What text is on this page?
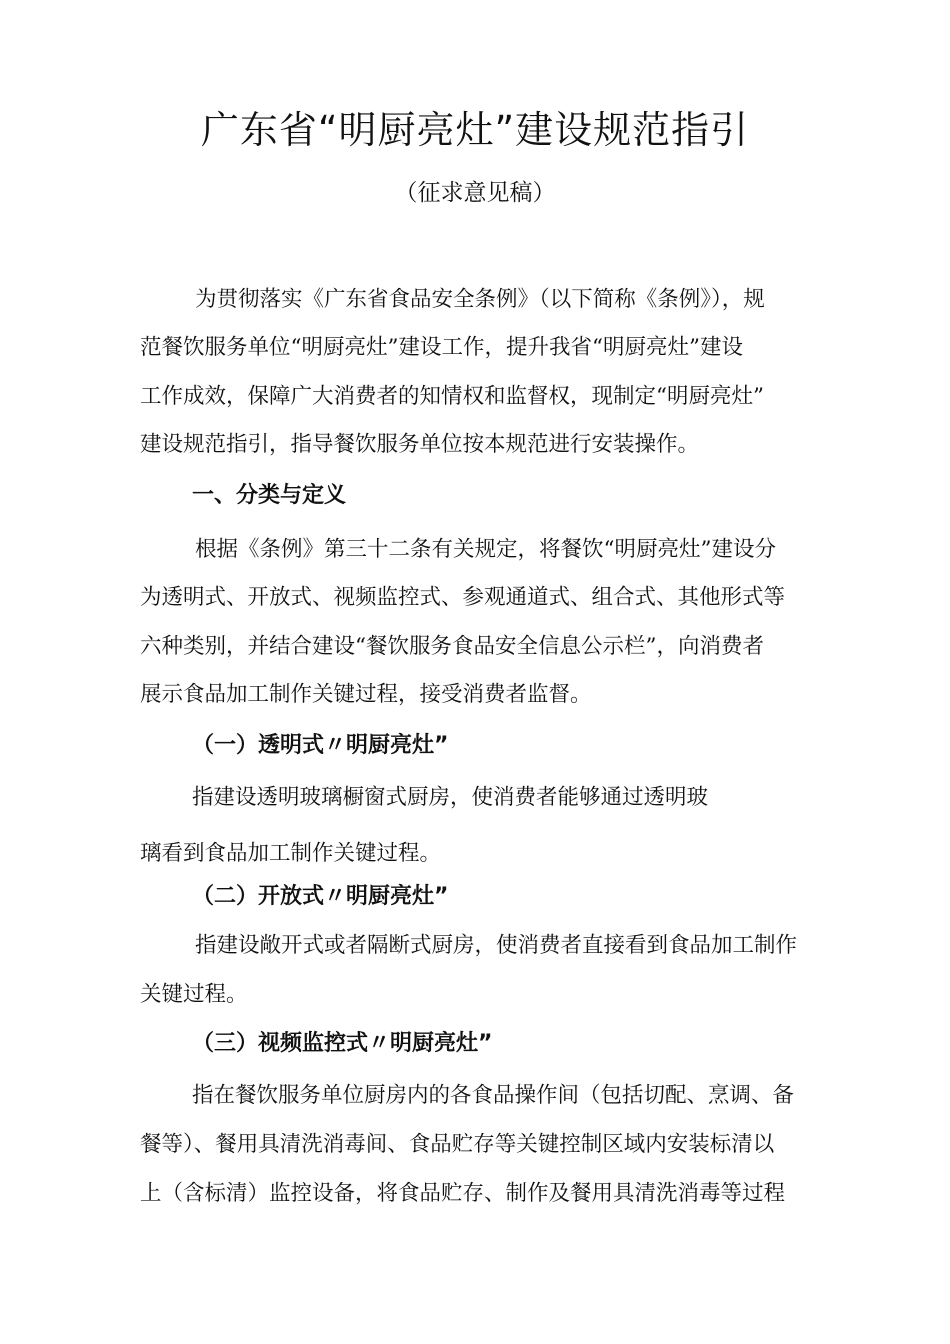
广东省“明厨亮灶”建设规范指引
（征求意见稿）
为贯彻落实《广东省食品安全条例》（以下简称《条例》），规
范餐饮服务单位“明厨亮灶”建设工作，提升我省“明厨亮灶”建设
工作成效，保障广大消费者的知情权和监督权，现制定“明厨亮灶”
建设规范指引，指导餐饮服务单位按本规范进行安装操作。
一、分类与定义
根据《条例》第三十二条有关规定，将餐饮“明厨亮灶”建设分
为透明式、开放式、视频监控式、参观通道式、组合式、其他形式等
六种类别，并结合建设“餐饮服务食品安全信息公示栏”，向消费者
展示食品加工制作关键过程，接受消费者监督。
（一）透明式〃明厨亮灶”
指建设透明玻璃橱窗式厨房，使消费者能够通过透明玻
璃看到食品加工制作关键过程。
（二）开放式〃明厨亮灶”
指建设敞开式或者隔断式厨房，使消费者直接看到食品加工制作
关键过程。
（三）视频监控式〃明厨亮灶”
指在餐饮服务单位厨房内的各食品操作间（包括切配、烹调、备
餐等）、餐用具清洗消毒间、食品贮存等关键控制区域内安装标清以
上（含标清）监控设备，将食品贮存、制作及餐用具清洗消毒等过程
